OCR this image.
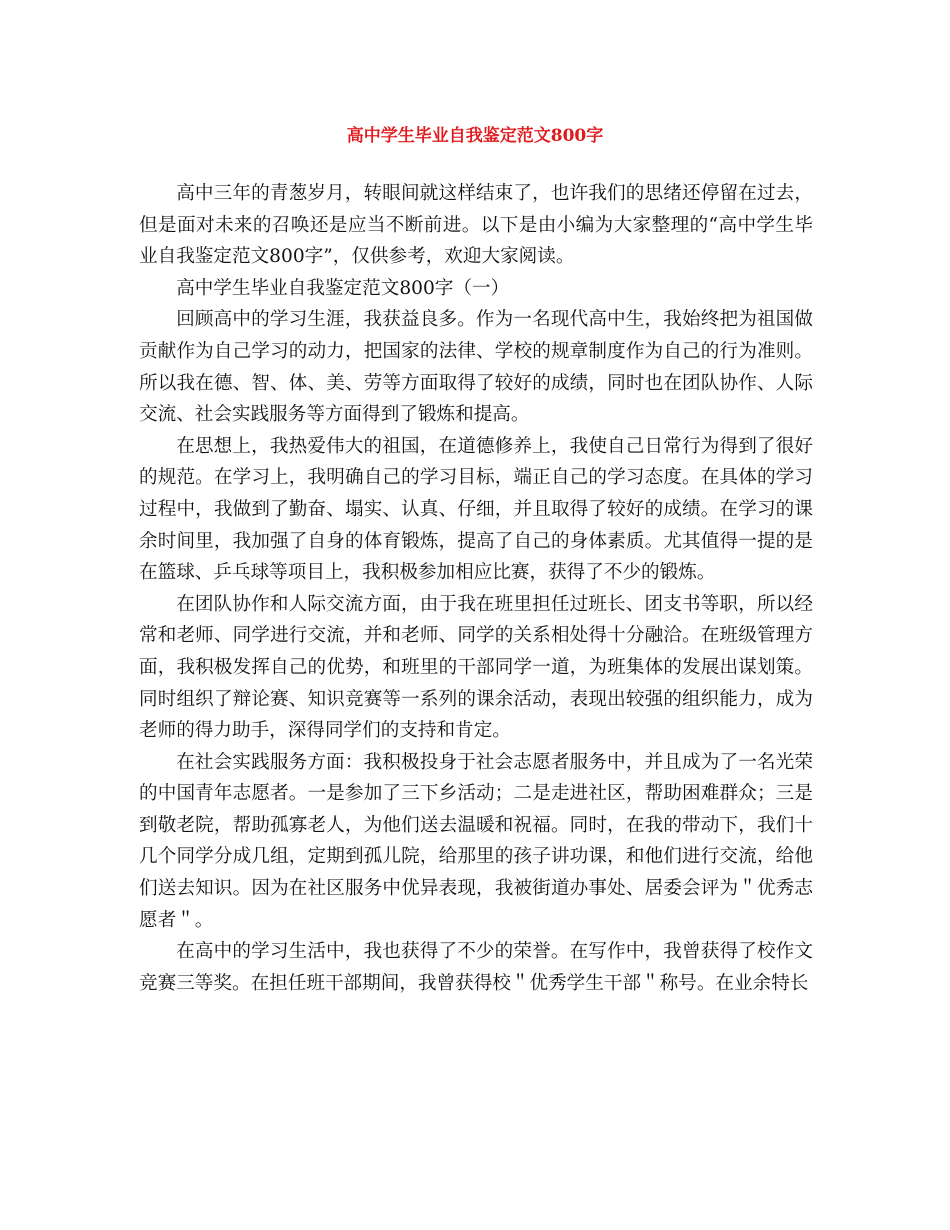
高中学生毕业自我鉴定范文800字

高中三年的青葱岁月，转眼间就这样结束了，也许我们的思绪还停留在过去，但是面对未来的召唤还是应当不断前进。以下是由小编为大家整理的“高中学生毕业自我鉴定范文800字”，仅供参考，欢迎大家阅读。

高中学生毕业自我鉴定范文800字（一）

回顾高中的学习生涯，我获益良多。作为一名现代高中生，我始终把为祖国做贡献作为自己学习的动力，把国家的法律、学校的规章制度作为自己的行为准则。所以我在德、智、体、美、劳等方面取得了较好的成绩，同时也在团队协作、人际交流、社会实践服务等方面得到了锻炼和提高。

在思想上，我热爱伟大的祖国，在道德修养上，我使自己日常行为得到了很好的规范。在学习上，我明确自己的学习目标，端正自己的学习态度。在具体的学习过程中，我做到了勤奋、塌实、认真、仔细，并且取得了较好的成绩。在学习的课余时间里，我加强了自身的体育锻炼，提高了自己的身体素质。尤其值得一提的是在篮球、乒乓球等项目上，我积极参加相应比赛，获得了不少的锻炼。

在团队协作和人际交流方面，由于我在班里担任过班长、团支书等职，所以经常和老师、同学进行交流，并和老师、同学的关系相处得十分融洽。在班级管理方面，我积极发挥自己的优势，和班里的干部同学一道，为班集体的发展出谋划策。同时组织了辩论赛、知识竞赛等一系列的课余活动，表现出较强的组织能力，成为老师的得力助手，深得同学们的支持和肯定。

在社会实践服务方面：我积极投身于社会志愿者服务中，并且成为了一名光荣的中国青年志愿者。一是参加了三下乡活动；二是走进社区，帮助困难群众；三是到敬老院，帮助孤寡老人，为他们送去温暖和祝福。同时，在我的带动下，我们十几个同学分成几组，定期到孤儿院，给那里的孩子讲功课，和他们进行交流，给他们送去知识。因为在社区服务中优异表现，我被街道办事处、居委会评为＂优秀志愿者＂。

在高中的学习生活中，我也获得了不少的荣誉。在写作中，我曾获得了校作文竞赛三等奖。在担任班干部期间，我曾获得校＂优秀学生干部＂称号。在业余特长
